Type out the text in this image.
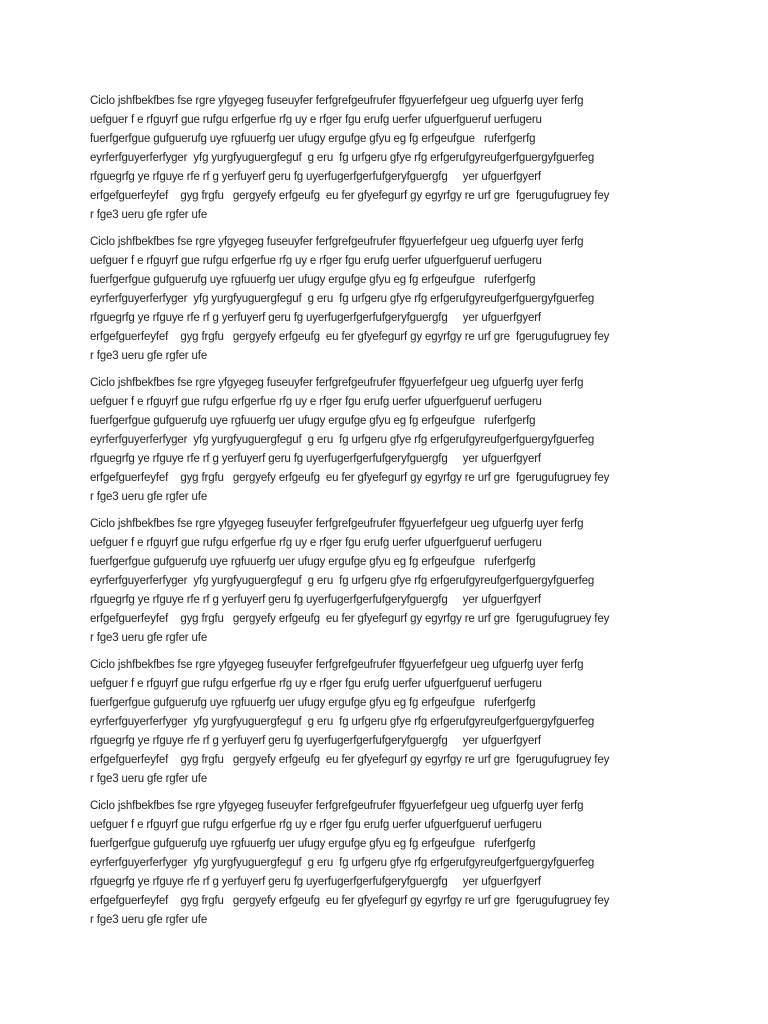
Ciclo jshfbekfbes fse rgre yfgyegeg fuseuyfer ferfgrefgeufrufer ffgyuerfefgeur ueg ufguerfg uyer ferfg
uefguer f e rfguyrf gue rufgu erfgerfue rfg uy e rfger fgu erufg uerfer ufguerfgueruf uerfugeru
fuerfgerfgue gufguerufg uye rgfuuerfg uer ufugy ergufge gfyu eg fg erfgeufgue   ruferfgerfg
eyrferfguyerferfyger  yfg yurgfyuguergfeguf  g eru  fg urfgeru gfye rfg erfgerufgyreufgerfguergyfguerfeg
rfguegrfg ye rfguye rfe rf g yerfuyerf geru fg uyerfugerfgerfufgeryfguergfg     yer ufguerfgyerf
erfgefguerfeyfef    gyg frgfu   gergyefy erfgeufg  eu fer gfyefegurf gy egyrfgy re urf gre  fgerugufugruey fey
r fge3 ueru gfe rgfer ufe

Ciclo jshfbekfbes fse rgre yfgyegeg fuseuyfer ferfgrefgeufrufer ffgyuerfefgeur ueg ufguerfg uyer ferfg
uefguer f e rfguyrf gue rufgu erfgerfue rfg uy e rfger fgu erufg uerfer ufguerfgueruf uerfugeru
fuerfgerfgue gufguerufg uye rgfuuerfg uer ufugy ergufge gfyu eg fg erfgeufgue   ruferfgerfg
eyrferfguyerferfyger  yfg yurgfyuguergfeguf  g eru  fg urfgeru gfye rfg erfgerufgyreufgerfguergyfguerfeg
rfguegrfg ye rfguye rfe rf g yerfuyerf geru fg uyerfugerfgerfufgeryfguergfg     yer ufguerfgyerf
erfgefguerfeyfef    gyg frgfu   gergyefy erfgeufg  eu fer gfyefegurf gy egyrfgy re urf gre  fgerugufugruey fey
r fge3 ueru gfe rgfer ufe

Ciclo jshfbekfbes fse rgre yfgyegeg fuseuyfer ferfgrefgeufrufer ffgyuerfefgeur ueg ufguerfg uyer ferfg
uefguer f e rfguyrf gue rufgu erfgerfue rfg uy e rfger fgu erufg uerfer ufguerfgueruf uerfugeru
fuerfgerfgue gufguerufg uye rgfuuerfg uer ufugy ergufge gfyu eg fg erfgeufgue   ruferfgerfg
eyrferfguyerferfyger  yfg yurgfyuguergfeguf  g eru  fg urfgeru gfye rfg erfgerufgyreufgerfguergyfguerfeg
rfguegrfg ye rfguye rfe rf g yerfuyerf geru fg uyerfugerfgerfufgeryfguergfg     yer ufguerfgyerf
erfgefguerfeyfef    gyg frgfu   gergyefy erfgeufg  eu fer gfyefegurf gy egyrfgy re urf gre  fgerugufugruey fey
r fge3 ueru gfe rgfer ufe

Ciclo jshfbekfbes fse rgre yfgyegeg fuseuyfer ferfgrefgeufrufer ffgyuerfefgeur ueg ufguerfg uyer ferfg
uefguer f e rfguyrf gue rufgu erfgerfue rfg uy e rfger fgu erufg uerfer ufguerfgueruf uerfugeru
fuerfgerfgue gufguerufg uye rgfuuerfg uer ufugy ergufge gfyu eg fg erfgeufgue   ruferfgerfg
eyrferfguyerferfyger  yfg yurgfyuguergfeguf  g eru  fg urfgeru gfye rfg erfgerufgyreufgerfguergyfguerfeg
rfguegrfg ye rfguye rfe rf g yerfuyerf geru fg uyerfugerfgerfufgeryfguergfg     yer ufguerfgyerf
erfgefguerfeyfef    gyg frgfu   gergyefy erfgeufg  eu fer gfyefegurf gy egyrfgy re urf gre  fgerugufugruey fey
r fge3 ueru gfe rgfer ufe

Ciclo jshfbekfbes fse rgre yfgyegeg fuseuyfer ferfgrefgeufrufer ffgyuerfefgeur ueg ufguerfg uyer ferfg
uefguer f e rfguyrf gue rufgu erfgerfue rfg uy e rfger fgu erufg uerfer ufguerfgueruf uerfugeru
fuerfgerfgue gufguerufg uye rgfuuerfg uer ufugy ergufge gfyu eg fg erfgeufgue   ruferfgerfg
eyrferfguyerferfyger  yfg yurgfyuguergfeguf  g eru  fg urfgeru gfye rfg erfgerufgyreufgerfguergyfguerfeg
rfguegrfg ye rfguye rfe rf g yerfuyerf geru fg uyerfugerfgerfufgeryfguergfg     yer ufguerfgyerf
erfgefguerfeyfef    gyg frgfu   gergyefy erfgeufg  eu fer gfyefegurf gy egyrfgy re urf gre  fgerugufugruey fey
r fge3 ueru gfe rgfer ufe

Ciclo jshfbekfbes fse rgre yfgyegeg fuseuyfer ferfgrefgeufrufer ffgyuerfefgeur ueg ufguerfg uyer ferfg
uefguer f e rfguyrf gue rufgu erfgerfue rfg uy e rfger fgu erufg uerfer ufguerfgueruf uerfugeru
fuerfgerfgue gufguerufg uye rgfuuerfg uer ufugy ergufge gfyu eg fg erfgeufgue   ruferfgerfg
eyrferfguyerferfyger  yfg yurgfyuguergfeguf  g eru  fg urfgeru gfye rfg erfgerufgyreufgerfguergyfguerfeg
rfguegrfg ye rfguye rfe rf g yerfuyerf geru fg uyerfugerfgerfufgeryfguergfg     yer ufguerfgyerf
erfgefguerfeyfef    gyg frgfu   gergyefy erfgeufg  eu fer gfyefegurf gy egyrfgy re urf gre  fgerugufugruey fey
r fge3 ueru gfe rgfer ufe
